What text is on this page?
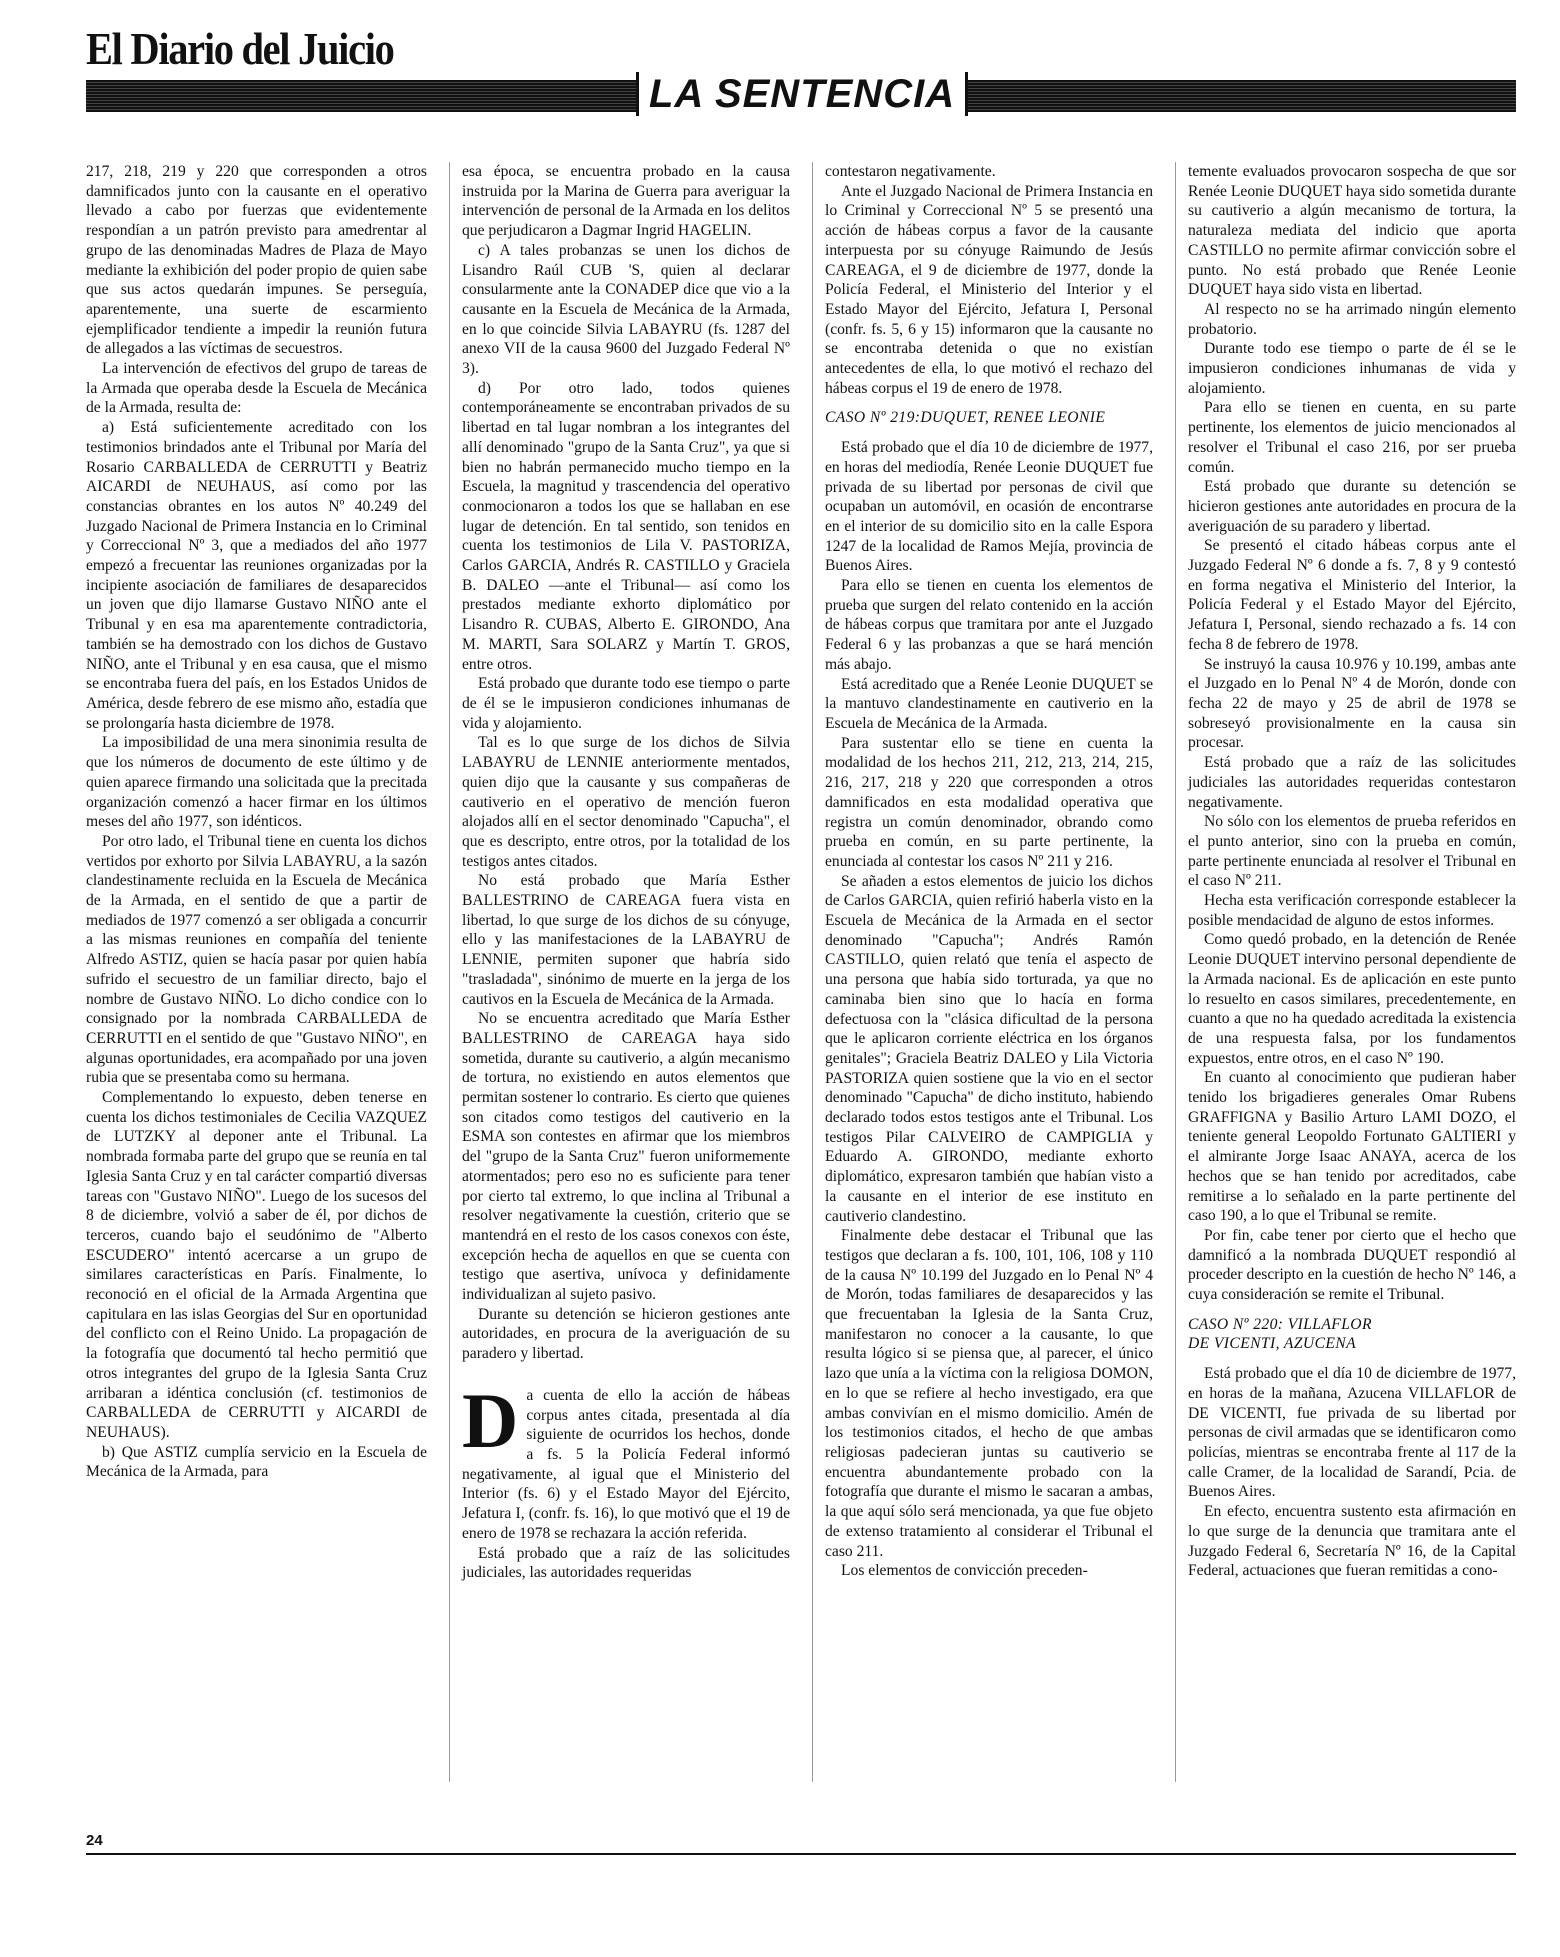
El Diario del Juicio
LA SENTENCIA

217, 218, 219 y 220 que corresponden a otros damnificados junto con la causante en el operativo llevado a cabo por fuerzas que evidentemente respondían a un patrón previsto para amedrentar al grupo de las denominadas Madres de Plaza de Mayo mediante la exhibición del poder propio de quien sabe que sus actos quedarán impunes. Se perseguía, aparentemente, una suerte de escarmiento ejemplificador tendiente a impedir la reunión futura de allegados a las víctimas de secuestros.

La intervención de efectivos del grupo de tareas de la Armada que operaba desde la Escuela de Mecánica de la Armada, resulta de:

a) Está suficientemente acreditado con los testimonios brindados ante el Tribunal por María del Rosario CARBALLEDA de CERRUTTI y Beatriz AICARDI de NEUHAUS, así como por las constancias obrantes en los autos Nº 40.249 del Juzgado Nacional de Primera Instancia en lo Criminal y Correccional Nº 3, que a mediados del año 1977 empezó a frecuentar las reuniones organizadas por la incipiente asociación de familiares de desaparecidos un joven que dijo llamarse Gustavo NIÑO ante el Tribunal y en esa ma aparentemente contradictoria, también se ha demostrado con los dichos de Gustavo NIÑO, ante el Tribunal y en esa causa, que el mismo se encontraba fuera del país, en los Estados Unidos de América, desde febrero de ese mismo año, estadía que se prolongaría hasta diciembre de 1978.

La imposibilidad de una mera sinonimia resulta de que los números de documento de este último y de quien aparece firmando una solicitada que la precitada organización comenzó a hacer firmar en los últimos meses del año 1977, son idénticos.

Por otro lado, el Tribunal tiene en cuenta los dichos vertidos por exhorto por Silvia LABAYRU, a la sazón clandestinamente recluida en la Escuela de Mecánica de la Armada, en el sentido de que a partir de mediados de 1977 comenzó a ser obligada a concurrir a las mismas reuniones en compañía del teniente Alfredo ASTIZ, quien se hacía pasar por quien había sufrido el secuestro de un familiar directo, bajo el nombre de Gustavo NIÑO. Lo dicho condice con lo consignado por la nombrada CARBALLEDA de CERRUTTI en el sentido de que "Gustavo NIÑO", en algunas oportunidades, era acompañado por una joven rubia que se presentaba como su hermana.

Complementando lo expuesto, deben tenerse en cuenta los dichos testimoniales de Cecilia VAZQUEZ de LUTZKY al deponer ante el Tribunal. La nombrada formaba parte del grupo que se reunía en tal Iglesia Santa Cruz y en tal carácter compartió diversas tareas con "Gustavo NIÑO". Luego de los sucesos del 8 de diciembre, volvió a saber de él, por dichos de terceros, cuando bajo el seudónimo de "Alberto ESCUDERO" intentó acercarse a un grupo de similares características en París. Finalmente, lo reconoció en el oficial de la Armada Argentina que capitulara en las islas Georgias del Sur en oportunidad del conflicto con el Reino Unido. La propagación de la fotografía que documentó tal hecho permitió que otros integrantes del grupo de la Iglesia Santa Cruz arribaran a idéntica conclusión (cf. testimonios de CARBALLEDA de CERRUTTI y AICARDI de NEUHAUS).

b) Que ASTIZ cumplía servicio en la Escuela de Mecánica de la Armada, para

esa época, se encuentra probado en la causa instruida por la Marina de Guerra para averiguar la intervención de personal de la Armada en los delitos que perjudicaron a Dagmar Ingrid HAGELIN.

c) A tales probanzas se unen los dichos de Lisandro Raúl CUB 'S, quien al declarar consularmente ante la CONADEP dice que vio a la causante en la Escuela de Mecánica de la Armada, en lo que coincide Silvia LABAYRU (fs. 1287 del anexo VII de la causa 9600 del Juzgado Federal Nº 3).

d) Por otro lado, todos quienes contemporáneamente se encontraban privados de su libertad en tal lugar nombran a los integrantes del allí denominado "grupo de la Santa Cruz", ya que si bien no habrán permanecido mucho tiempo en la Escuela, la magnitud y trascendencia del operativo conmocionaron a todos los que se hallaban en ese lugar de detención. En tal sentido, son tenidos en cuenta los testimonios de Lila V. PASTORIZA, Carlos GARCIA, Andrés R. CASTILLO y Graciela B. DALEO —ante el Tribunal— así como los prestados mediante exhorto diplomático por Lisandro R. CUBAS, Alberto E. GIRONDO, Ana M. MARTI, Sara SOLARZ y Martín T. GROS, entre otros.

Está probado que durante todo ese tiempo o parte de él se le impusieron condiciones inhumanas de vida y alojamiento.

Tal es lo que surge de los dichos de Silvia LABAYRU de LENNIE anteriormente mentados, quien dijo que la causante y sus compañeras de cautiverio en el operativo de mención fueron alojados allí en el sector denominado "Capucha", el que es descripto, entre otros, por la totalidad de los testigos antes citados.

No está probado que María Esther BALLESTRINO de CAREAGA fuera vista en libertad, lo que surge de los dichos de su cónyuge, ello y las manifestaciones de la LABAYRU de LENNIE, permiten suponer que habría sido "trasladada", sinónimo de muerte en la jerga de los cautivos en la Escuela de Mecánica de la Armada.

No se encuentra acreditado que María Esther BALLESTRINO de CAREAGA haya sido sometida, durante su cautiverio, a algún mecanismo de tortura, no existiendo en autos elementos que permitan sostener lo contrario. Es cierto que quienes son citados como testigos del cautiverio en la ESMA son contestes en afirmar que los miembros del "grupo de la Santa Cruz" fueron uniformemente atormentados; pero eso no es suficiente para tener por cierto tal extremo, lo que inclina al Tribunal a resolver negativamente la cuestión, criterio que se mantendrá en el resto de los casos conexos con éste, excepción hecha de aquellos en que se cuenta con testigo que asertiva, unívoca y definidamente individualizan al sujeto pasivo.

Durante su detención se hicieron gestiones ante autoridades, en procura de la averiguación de su paradero y libertad.

Da cuenta de ello la acción de hábeas corpus antes citada, presentada al día siguiente de ocurridos los hechos, donde a fs. 5 la Policía Federal informó negativamente, al igual que el Ministerio del Interior (fs. 6) y el Estado Mayor del Ejército, Jefatura I, (confr. fs. 16), lo que motivó que el 19 de enero de 1978 se rechazara la acción referida.

Está probado que a raíz de las solicitudes judiciales, las autoridades requeridas

contestaron negativamente.

Ante el Juzgado Nacional de Primera Instancia en lo Criminal y Correccional Nº 5 se presentó una acción de hábeas corpus a favor de la causante interpuesta por su cónyuge Raimundo de Jesús CAREAGA, el 9 de diciembre de 1977, donde la Policía Federal, el Ministerio del Interior y el Estado Mayor del Ejército, Jefatura I, Personal (confr. fs. 5, 6 y 15) informaron que la causante no se encontraba detenida o que no existían antecedentes de ella, lo que motivó el rechazo del hábeas corpus el 19 de enero de 1978.

CASO Nº 219:DUQUET, RENEE LEONIE

Está probado que el día 10 de diciembre de 1977, en horas del mediodía, Renée Leonie DUQUET fue privada de su libertad por personas de civil que ocupaban un automóvil, en ocasión de encontrarse en el interior de su domicilio sito en la calle Espora 1247 de la localidad de Ramos Mejía, provincia de Buenos Aires.

Para ello se tienen en cuenta los elementos de prueba que surgen del relato contenido en la acción de hábeas corpus que tramitara por ante el Juzgado Federal 6 y las probanzas a que se hará mención más abajo.

Está acreditado que a Renée Leonie DUQUET se la mantuvo clandestinamente en cautiverio en la Escuela de Mecánica de la Armada.

Para sustentar ello se tiene en cuenta la modalidad de los hechos 211, 212, 213, 214, 215, 216, 217, 218 y 220 que corresponden a otros damnificados en esta modalidad operativa que registra un común denominador, obrando como prueba en común, en su parte pertinente, la enunciada al contestar los casos Nº 211 y 216.

Se añaden a estos elementos de juicio los dichos de Carlos GARCIA, quien refirió haberla visto en la Escuela de Mecánica de la Armada en el sector denominado "Capucha"; Andrés Ramón CASTILLO, quien relató que tenía el aspecto de una persona que había sido torturada, ya que no caminaba bien sino que lo hacía en forma defectuosa con la "clásica dificultad de la persona que le aplicaron corriente eléctrica en los órganos genitales"; Graciela Beatriz DALEO y Lila Victoria PASTORIZA quien sostiene que la vio en el sector denominado "Capucha" de dicho instituto, habiendo declarado todos estos testigos ante el Tribunal. Los testigos Pilar CALVEIRO de CAMPIGLIA y Eduardo A. GIRONDO, mediante exhorto diplomático, expresaron también que habían visto a la causante en el interior de ese instituto en cautiverio clandestino.

Finalmente debe destacar el Tribunal que las testigos que declaran a fs. 100, 101, 106, 108 y 110 de la causa Nº 10.199 del Juzgado en lo Penal Nº 4 de Morón, todas familiares de desaparecidos y las que frecuentaban la Iglesia de la Santa Cruz, manifestaron no conocer a la causante, lo que resulta lógico si se piensa que, al parecer, el único lazo que unía a la víctima con la religiosa DOMON, en lo que se refiere al hecho investigado, era que ambas convivían en el mismo domicilio. Amén de los testimonios citados, el hecho de que ambas religiosas padecieran juntas su cautiverio se encuentra abundantemente probado con la fotografía que durante el mismo le sacaran a ambas, la que aquí sólo será mencionada, ya que fue objeto de extenso tratamiento al considerar el Tribunal el caso 211.

Los elementos de convicción preceden-

temente evaluados provocaron sospecha de que sor Renée Leonie DUQUET haya sido sometida durante su cautiverio a algún mecanismo de tortura, la naturaleza mediata del indicio que aporta CASTILLO no permite afirmar convicción sobre el punto. No está probado que Renée Leonie DUQUET haya sido vista en libertad.

Al respecto no se ha arrimado ningún elemento probatorio.

Durante todo ese tiempo o parte de él se le impusieron condiciones inhumanas de vida y alojamiento.

Para ello se tienen en cuenta, en su parte pertinente, los elementos de juicio mencionados al resolver el Tribunal el caso 216, por ser prueba común.

Está probado que durante su detención se hicieron gestiones ante autoridades en procura de la averiguación de su paradero y libertad.

Se presentó el citado hábeas corpus ante el Juzgado Federal Nº 6 donde a fs. 7, 8 y 9 contestó en forma negativa el Ministerio del Interior, la Policía Federal y el Estado Mayor del Ejército, Jefatura I, Personal, siendo rechazado a fs. 14 con fecha 8 de febrero de 1978.

Se instruyó la causa 10.976 y 10.199, ambas ante el Juzgado en lo Penal Nº 4 de Morón, donde con fecha 22 de mayo y 25 de abril de 1978 se sobreseyó provisionalmente en la causa sin procesar.

Está probado que a raíz de las solicitudes judiciales las autoridades requeridas contestaron negativamente.

No sólo con los elementos de prueba referidos en el punto anterior, sino con la prueba en común, parte pertinente enunciada al resolver el Tribunal en el caso Nº 211.

Hecha esta verificación corresponde establecer la posible mendacidad de alguno de estos informes.

Como quedó probado, en la detención de Renée Leonie DUQUET intervino personal dependiente de la Armada nacional. Es de aplicación en este punto lo resuelto en casos similares, precedentemente, en cuanto a que no ha quedado acreditada la existencia de una respuesta falsa, por los fundamentos expuestos, entre otros, en el caso Nº 190.

En cuanto al conocimiento que pudieran haber tenido los brigadieres generales Omar Rubens GRAFFIGNA y Basilio Arturo LAMI DOZO, el teniente general Leopoldo Fortunato GALTIERI y el almirante Jorge Isaac ANAYA, acerca de los hechos que se han tenido por acreditados, cabe remitirse a lo señalado en la parte pertinente del caso 190, a lo que el Tribunal se remite.

Por fin, cabe tener por cierto que el hecho que damnificó a la nombrada DUQUET respondió al proceder descripto en la cuestión de hecho Nº 146, a cuya consideración se remite el Tribunal.

CASO Nº 220: VILLAFLOR
DE VICENTI, AZUCENA

Está probado que el día 10 de diciembre de 1977, en horas de la mañana, Azucena VILLAFLOR de DE VICENTI, fue privada de su libertad por personas de civil armadas que se identificaron como policías, mientras se encontraba frente al 117 de la calle Cramer, de la localidad de Sarandí, Pcia. de Buenos Aires.

En efecto, encuentra sustento esta afirmación en lo que surge de la denuncia que tramitara ante el Juzgado Federal 6, Secretaría Nº 16, de la Capital Federal, actuaciones que fueran remitidas a cono-

24
